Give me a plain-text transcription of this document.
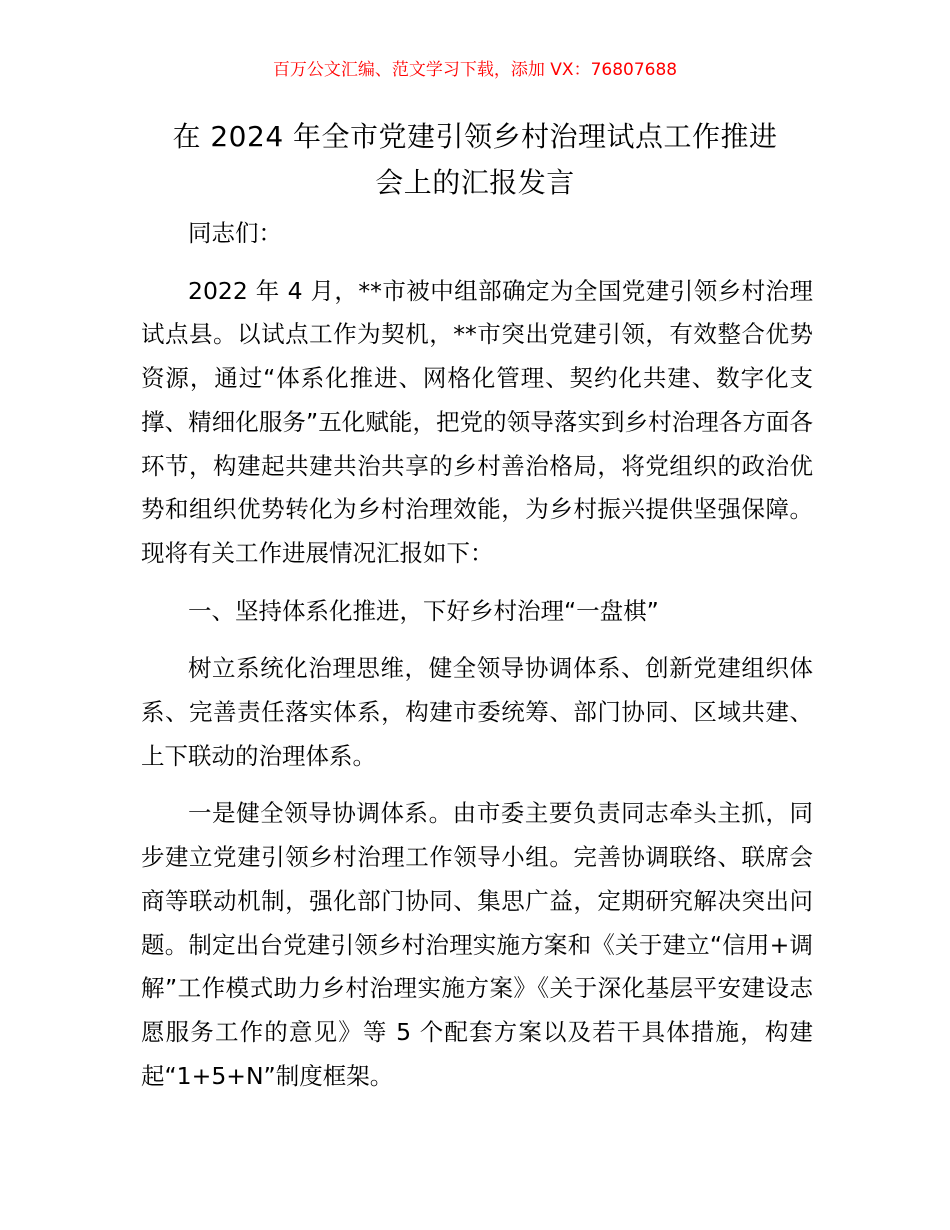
百万公文汇编、范文学习下载，添加 VX：76807688
在 2024 年全市党建引领乡村治理试点工作推进
会上的汇报发言

同志们：

2022 年 4 月，**市被中组部确定为全国党建引领乡村治理试点县。以试点工作为契机，**市突出党建引领，有效整合优势资源，通过“体系化推进、网格化管理、契约化共建、数字化支撑、精细化服务”五化赋能，把党的领导落实到乡村治理各方面各环节，构建起共建共治共享的乡村善治格局，将党组织的政治优势和组织优势转化为乡村治理效能，为乡村振兴提供坚强保障。现将有关工作进展情况汇报如下：

一、坚持体系化推进，下好乡村治理“一盘棋”

树立系统化治理思维，健全领导协调体系、创新党建组织体系、完善责任落实体系，构建市委统筹、部门协同、区域共建、上下联动的治理体系。

一是健全领导协调体系。由市委主要负责同志牵头主抓，同步建立党建引领乡村治理工作领导小组。完善协调联络、联席会商等联动机制，强化部门协同、集思广益，定期研究解决突出问题。制定出台党建引领乡村治理实施方案和《关于建立“信用+调解”工作模式助力乡村治理实施方案》《关于深化基层平安建设志愿服务工作的意见》等 5 个配套方案以及若干具体措施，构建起“1+5+N”制度框架。
